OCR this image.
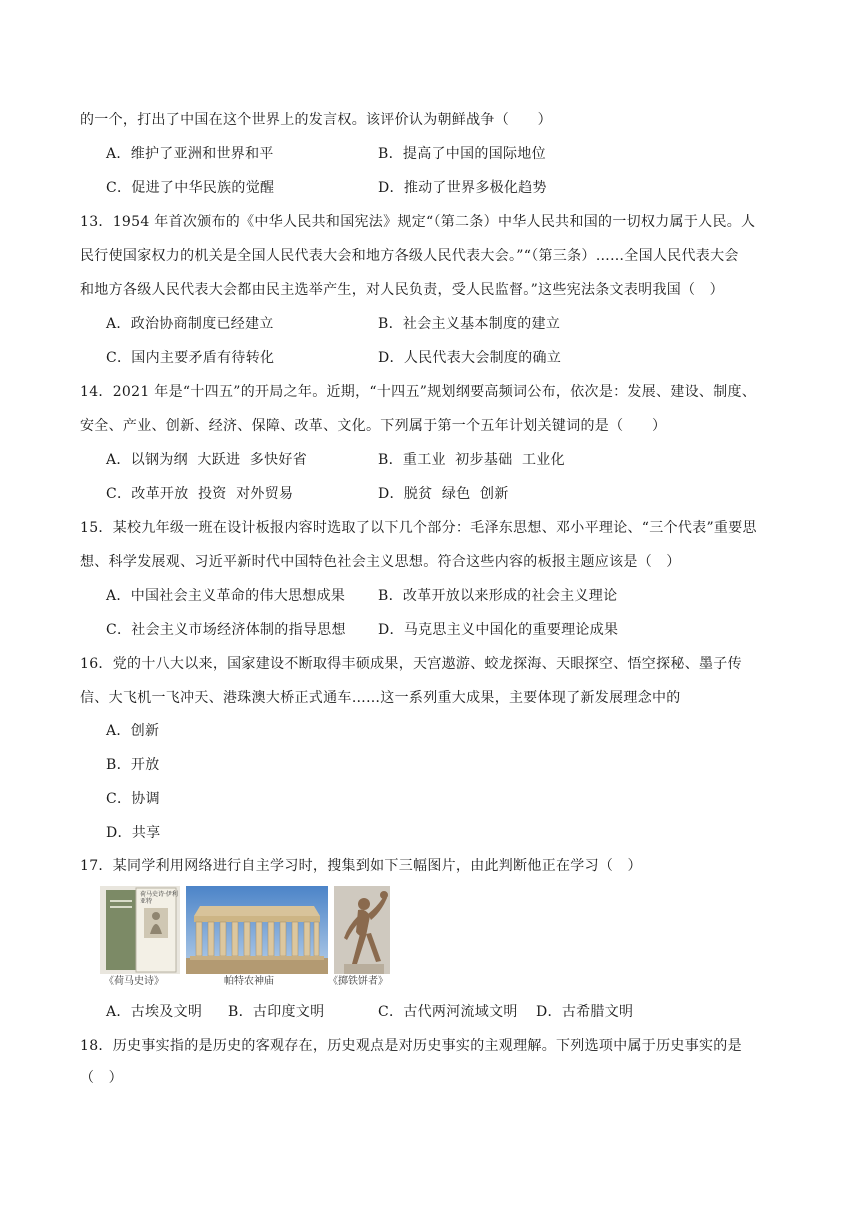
的一个，打出了中国在这个世界上的发言权。该评价认为朝鲜战争（　　）
A．维护了亚洲和世界和平	B．提高了中国的国际地位
C．促进了中华民族的觉醒	D．推动了世界多极化趋势
13．1954 年首次颁布的《中华人民共和国宪法》规定“（第二条）中华人民共和国的一切权力属于人民。人
民行使国家权力的机关是全国人民代表大会和地方各级人民代表大会。”“（第三条）……全国人民代表大会
和地方各级人民代表大会都由民主选举产生，对人民负责，受人民监督。”这些宪法条文表明我国（　）
A．政治协商制度已经建立	B．社会主义基本制度的建立
C．国内主要矛盾有待转化	D．人民代表大会制度的确立
14．2021 年是“十四五”的开局之年。近期，“十四五”规划纲要高频词公布，依次是：发展、建设、制度、
安全、产业、创新、经济、保障、改革、文化。下列属于第一个五年计划关键词的是（　　）
A．以钢为纲  大跃进  多快好省	B．重工业  初步基础  工业化
C．改革开放  投资  对外贸易	D．脱贫  绿色  创新
15．某校九年级一班在设计板报内容时选取了以下几个部分：毛泽东思想、邓小平理论、“三个代表”重要思
想、科学发展观、习近平新时代中国特色社会主义思想。符合这些内容的板报主题应该是（　）
A．中国社会主义革命的伟大思想成果 B．改革开放以来形成的社会主义理论
C．社会主义市场经济体制的指导思想 D．马克思主义中国化的重要理论成果
16．党的十八大以来，国家建设不断取得丰硕成果，天宫遨游、蛟龙探海、天眼探空、悟空探秘、墨子传
信、大飞机一飞冲天、港珠澳大桥正式通车……这一系列重大成果，主要体现了新发展理念中的
A．创新
B．开放
C．协调
D．共享
17．某同学利用网络进行自主学习时，搜集到如下三幅图片，由此判断他正在学习（　）
荷马史诗·伊利亚特
《荷马史诗》	帕特农神庙	《掷铁饼者》
A．古埃及文明 B．古印度文明	C．古代两河流域文明 D．古希腊文明
18．历史事实指的是历史的客观存在，历史观点是对历史事实的主观理解。下列选项中属于历史事实的是
（　）
